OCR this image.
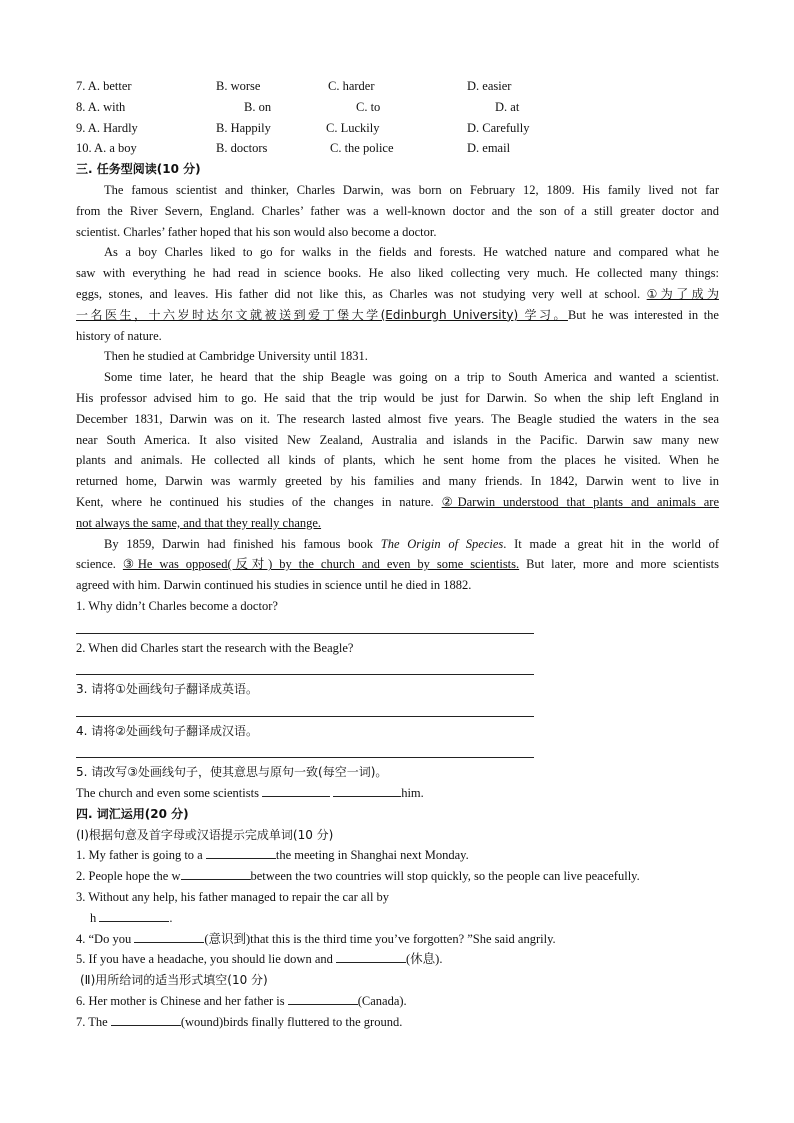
7. A. better	B. worse	C. harder	D. easier
8. A. with	B. on	C. to	D. at
9. A. Hardly	B. Happily	C. Luckily	D. Carefully
10. A. a boy	B. doctors	C. the police	D. email
三. 任务型阅读(10 分)
The famous scientist and thinker, Charles Darwin, was born on February 12, 1809. His family lived not far
from the River Severn, England. Charles’ father was a well-known doctor and the son of a still greater doctor and
scientist. Charles’ father hoped that his son would also become a doctor.
As a boy Charles liked to go for walks in the fields and forests. He watched nature and compared what he
saw with everything he had read in science books. He also liked collecting very much. He collected many things:
eggs, stones, and leaves. His father did not like this, as Charles was not studying very well at school. ①为了成为
一名医生，十六岁时达尔文就被送到爱丁堡大学(Edinburgh University) 学习。But he was interested in the
history of nature.
Then he studied at Cambridge University until 1831.
Some time later, he heard that the ship Beagle was going on a trip to South America and wanted a scientist.
His professor advised him to go. He said that the trip would be just for Darwin. So when the ship left England in
December 1831, Darwin was on it. The research lasted almost five years. The Beagle studied the waters in the sea
near South America. It also visited New Zealand, Australia and islands in the Pacific. Darwin saw many new
plants and animals. He collected all kinds of plants, which he sent home from the places he visited. When he
returned home, Darwin was warmly greeted by his families and many friends. In 1842, Darwin went to live in
Kent, where he continued his studies of the changes in nature. ②Darwin understood that plants and animals are
not always the same, and that they really change.
By 1859, Darwin had finished his famous book The Origin of Species. It made a great hit in the world of
science. ③He was opposed(反对) by the church and even by some scientists. But later, more and more scientists
agreed with him. Darwin continued his studies in science until he died in 1882.
1. Why didn’t Charles become a doctor?
2. When did Charles start the research with the Beagle?
3. 请将①处画线句子翻译成英语。
4. 请将②处画线句子翻译成汉语。
5. 请改写③处画线句子，使其意思与原句一致(每空一词)。
The church and even some scientists	him.
四. 词汇运用(20 分)
(Ⅰ)根据句意及首字母或汉语提示完成单词(10 分)
1. My father is going to a	the meeting in Shanghai next Monday.
2. People hope the w	between the two countries will stop quickly, so the people can live peacefully.
3. Without any help, his father managed to repair the car all by
h	.
4. “Do you	(意识到)that this is the third time you’ve forgotten? ”She said angrily.
5. If you have a headache, you should lie down and	(休息).
(Ⅱ)用所给词的适当形式填空(10 分)
6. Her mother is Chinese and her father is	(Canada).
7. The	(wound)birds finally fluttered to the ground.
